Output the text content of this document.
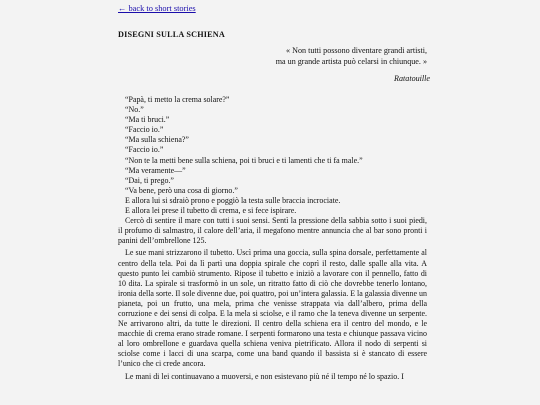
← back to short stories
DISEGNI SULLA SCHIENA
« Non tutti possono diventare grandi artisti,
ma un grande artista può celarsi in chiunque. »
Ratatouille
“Papà, ti metto la crema solare?”
“No.”
“Ma ti bruci.”
“Faccio io.”
“Ma sulla schiena?”
“Faccio io.”
“Non te la metti bene sulla schiena, poi ti bruci e ti lamenti che ti fa male.”
“Ma veramente—”
“Dai, ti prego.”
“Va bene, però una cosa di giorno.”
E allora lui si sdraiò prono e poggiò la testa sulle braccia incrociate.
E allora lei prese il tubetto di crema, e si fece ispirare.

Cercò di sentire il mare con tutti i suoi sensi. Sentì la pressione della sabbia sotto i suoi piedi, il profumo di salmastro, il calore dell’aria, il megafono mentre annuncia che al bar sono pronti i panini dell’ombrellone 125.

Le sue mani strizzarono il tubetto. Uscì prima una goccia, sulla spina dorsale, perfettamente al centro della tela. Poi da lì partì una doppia spirale che coprì il resto, dalle spalle alla vita. A questo punto lei cambiò strumento. Ripose il tubetto e iniziò a lavorare con il pennello, fatto di 10 dita. La spirale si trasformò in un sole, un ritratto fatto di ciò che dovrebbe tenerlo lontano, ironia della sorte. Il sole divenne due, poi quattro, poi un’intera galassia. E la galassia divenne un pianeta, poi un frutto, una mela, prima che venisse strappata via dall’albero, prima della corruzione e dei sensi di colpa. E la mela si sciolse, e il ramo che la teneva divenne un serpente. Ne arrivarono altri, da tutte le direzioni. Il centro della schiena era il centro del mondo, e le macchie di crema erano strade romane. I serpenti formarono una testa e chiunque passava vicino al loro ombrellone e guardava quella schiena veniva pietrificato. Allora il nodo di serpenti si sciolse come i lacci di una scarpa, come una band quando il bassista si è stancato di essere l’unico che ci crede ancora.

Le mani di lei continuavano a muoversi, e non esistevano più né il tempo né lo spazio. I
